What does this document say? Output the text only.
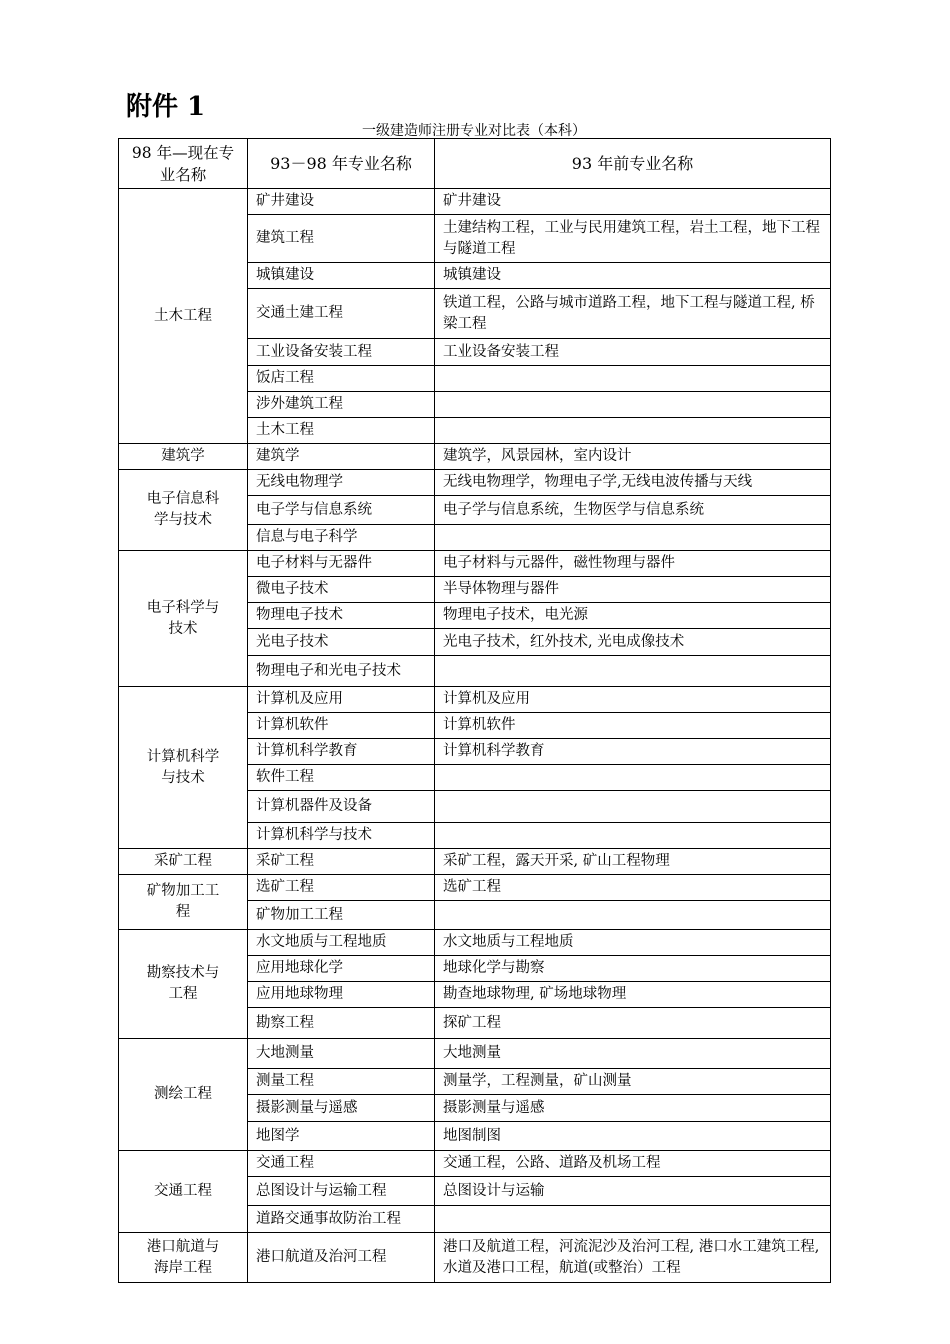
附件 1
一级建造师注册专业对比表（本科）
98 年—现在专业名称	93－98 年专业名称	93 年前专业名称
土木工程	矿井建设	矿井建设
	建筑工程	土建结构工程，工业与民用建筑工程，岩土工程，地下工程与隧道工程
	城镇建设	城镇建设
	交通土建工程	铁道工程，公路与城市道路工程，地下工程与隧道工程, 桥梁工程
	工业设备安装工程	工业设备安装工程
	饭店工程	
	涉外建筑工程	
	土木工程	
建筑学	建筑学	建筑学，风景园林，室内设计
电子信息科学与技术	无线电物理学	无线电物理学，物理电子学,无线电波传播与天线
	电子学与信息系统	电子学与信息系统，生物医学与信息系统
	信息与电子科学	
电子科学与技术	电子材料与无器件	电子材料与元器件，磁性物理与器件
	微电子技术	半导体物理与器件
	物理电子技术	物理电子技术，电光源
	光电子技术	光电子技术，红外技术, 光电成像技术
	物理电子和光电子技术	
计算机科学与技术	计算机及应用	计算机及应用
	计算机软件	计算机软件
	计算机科学教育	计算机科学教育
	软件工程	
	计算机器件及设备	
	计算机科学与技术	
采矿工程	采矿工程	采矿工程，露天开采, 矿山工程物理
矿物加工工程	选矿工程	选矿工程
	矿物加工工程	
勘察技术与工程	水文地质与工程地质	水文地质与工程地质
	应用地球化学	地球化学与勘察
	应用地球物理	勘查地球物理, 矿场地球物理
	勘察工程	探矿工程
测绘工程	大地测量	大地测量
	测量工程	测量学，工程测量，矿山测量
	摄影测量与遥感	摄影测量与遥感
	地图学	地图制图
交通工程	交通工程	交通工程，公路、道路及机场工程
	总图设计与运输工程	总图设计与运输
	道路交通事故防治工程	
港口航道与海岸工程	港口航道及治河工程	港口及航道工程，河流泥沙及治河工程, 港口水工建筑工程, 水道及港口工程，航道(或整治）工程
